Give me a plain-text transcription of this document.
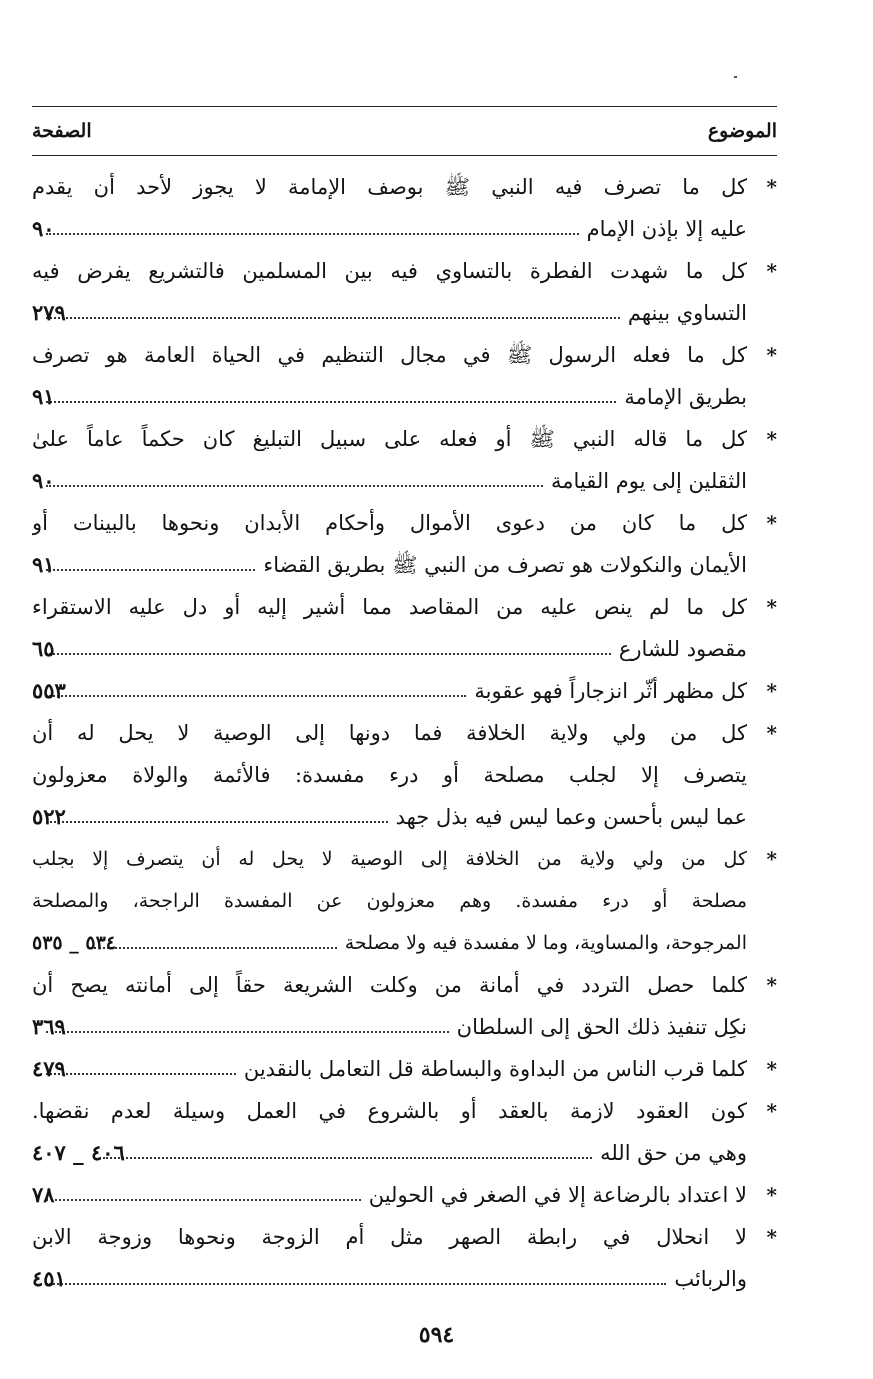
الموضوع
الصفحة
*
كل ما تصرف فيه النبي ﷺ بوصف الإمامة لا يجوز لأحد أن يقدم
عليه إلا بإذن الإمام
٩٠
*
كل ما شهدت الفطرة بالتساوي فيه بين المسلمين فالتشريع يفرض فيه
التساوي بينهم
٢٧٩
*
كل ما فعله الرسول ﷺ في مجال التنظيم في الحياة العامة هو تصرف
بطريق الإمامة
٩١
*
كل ما قاله النبي ﷺ أو فعله على سبيل التبليغ كان حكماً عاماً علىٰ
الثقلين إلى يوم القيامة
٩٠
*
كل ما كان من دعوى الأموال وأحكام الأبدان ونحوها بالبينات أو
الأيمان والنكولات هو تصرف من النبي ﷺ بطريق القضاء
٩١
*
كل ما لم ينص عليه من المقاصد مما أشير إليه أو دل عليه الاستقراء
مقصود للشارع
٦٥
*
كل مظهر أثّر انزجاراً فهو عقوبة
٥٥٣
*
كل من ولي ولاية الخلافة فما دونها إلى الوصية لا يحل له أن
يتصرف إلا لجلب مصلحة أو درء مفسدة: فالأئمة والولاة معزولون
عما ليس بأحسن وعما ليس فيه بذل جهد
٥٢٢
*
كل من ولي ولاية من الخلافة إلى الوصية لا يحل له أن يتصرف إلا بجلب
مصلحة أو درء مفسدة. وهم معزولون عن المفسدة الراجحة، والمصلحة
المرجوحة، والمساوية، وما لا مفسدة فيه ولا مصلحة
٥٣٤ _ ٥٣٥
*
كلما حصل التردد في أمانة من وكلت الشريعة حقاً إلى أمانته يصح أن
نكِل تنفيذ ذلك الحق إلى السلطان
٣٦٩
*
كلما قرب الناس من البداوة والبساطة قل التعامل بالنقدين
٤٧٩
*
كون العقود لازمة بالعقد أو بالشروع في العمل وسيلة لعدم نقضها.
وهي من حق الله
٤٠٦ _ ٤٠٧
*
لا اعتداد بالرضاعة إلا في الصغر في الحولين
٧٨
*
لا انحلال في رابطة الصهر مثل أم الزوجة ونحوها وزوجة الابن
والربائب
٤٥١
٥٩٤
